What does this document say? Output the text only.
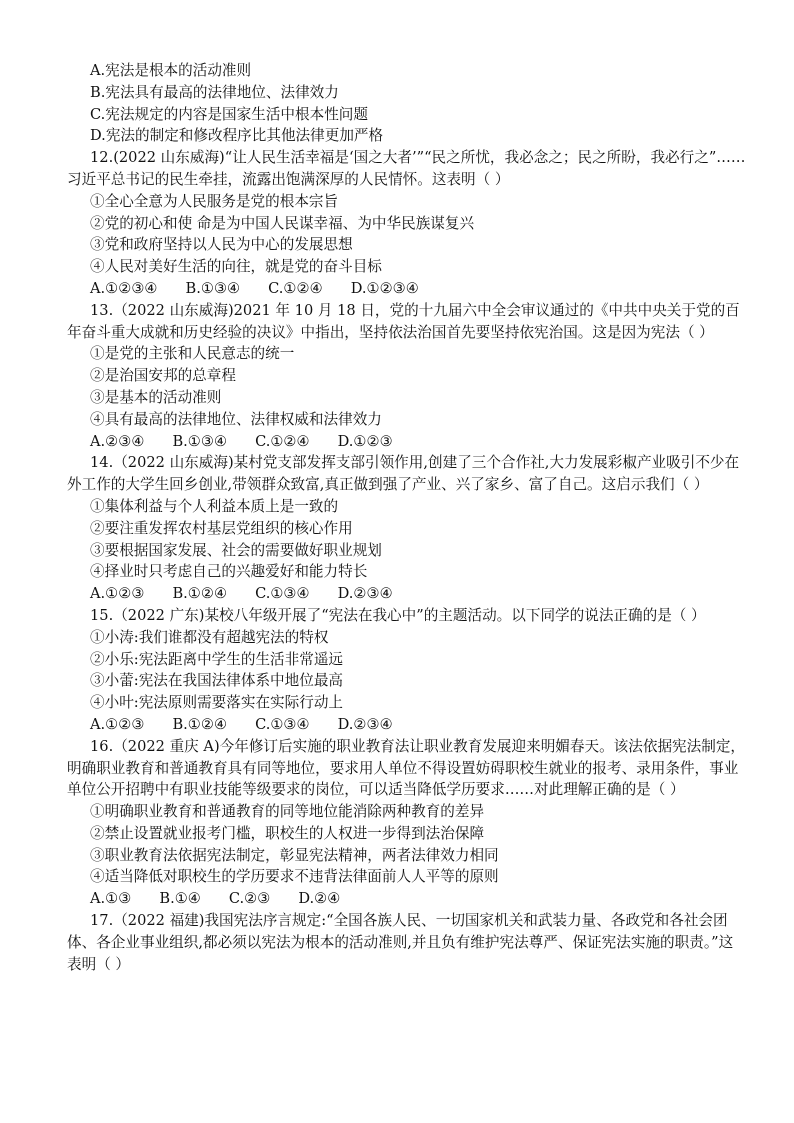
A.宪法是根本的活动准则
B.宪法具有最高的法律地位、法律效力
C.宪法规定的内容是国家生活中根本性问题
D.宪法的制定和修改程序比其他法律更加严格
12.(2022 山东威海)“让人民生活幸福是‘国之大者’”“民之所忧，我必念之；民之所盼，我必行之”……习近平总书记的民生牵挂，流露出饱满深厚的人民情怀。这表明（ ）
①全心全意为人民服务是党的根本宗旨
②党的初心和使 命是为中国人民谋幸福、为中华民族谋复兴
③党和政府坚持以人民为中心的发展思想
④人民对美好生活的向往，就是党的奋斗目标
A.①②③④ B.①③④ C.①②④ D.①②③④
13.（2022 山东威海)2021 年 10 月 18 日，党的十九届六中全会审议通过的《中共中央关于党的百年奋斗重大成就和历史经验的决议》中指出，坚持依法治国首先要坚持依宪治国。这是因为宪法（ ）
①是党的主张和人民意志的统一
②是治国安邦的总章程
③是基本的活动准则
④具有最高的法律地位、法律权威和法律效力
A.②③④ B.①③④ C.①②④ D.①②③
14.（2022 山东威海)某村党支部发挥支部引领作用,创建了三个合作社,大力发展彩椒产业吸引不少在外工作的大学生回乡创业,带领群众致富,真正做到强了产业、兴了家乡、富了自己。这启示我们（ ）
①集体利益与个人利益本质上是一致的
②要注重发挥农村基层党组织的核心作用
③要根据国家发展、社会的需要做好职业规划
④择业时只考虑自己的兴趣爱好和能力特长
A.①②③ B.①②④ C.①③④ D.②③④
15.（2022 广东)某校八年级开展了“宪法在我心中”的主题活动。以下同学的说法正确的是（ ）
①小涛:我们谁都没有超越宪法的特权
②小乐:宪法距离中学生的生活非常遥远
③小蕾:宪法在我国法律体系中地位最高
④小叶:宪法原则需要落实在实际行动上
A.①②③ B.①②④ C.①③④ D.②③④
16.（2022 重庆 A)今年修订后实施的职业教育法让职业教育发展迎来明媚春天。该法依据宪法制定，明确职业教育和普通教育具有同等地位，要求用人单位不得设置妨碍职校生就业的报考、录用条件，事业单位公开招聘中有职业技能等级要求的岗位，可以适当降低学历要求……对此理解正确的是（ ）
①明确职业教育和普通教育的同等地位能消除两种教育的差异
②禁止设置就业报考门槛，职校生的人权进一步得到法治保障
③职业教育法依据宪法制定，彰显宪法精神，两者法律效力相同
④适当降低对职校生的学历要求不违背法律面前人人平等的原则
A.①③ B.①④ C.②③ D.②④
17.（2022 福建)我国宪法序言规定:“全国各族人民、一切国家机关和武装力量、各政党和各社会团体、各企业事业组织,都必须以宪法为根本的活动准则,并且负有维护宪法尊严、保证宪法实施的职责。”这表明（ ）
